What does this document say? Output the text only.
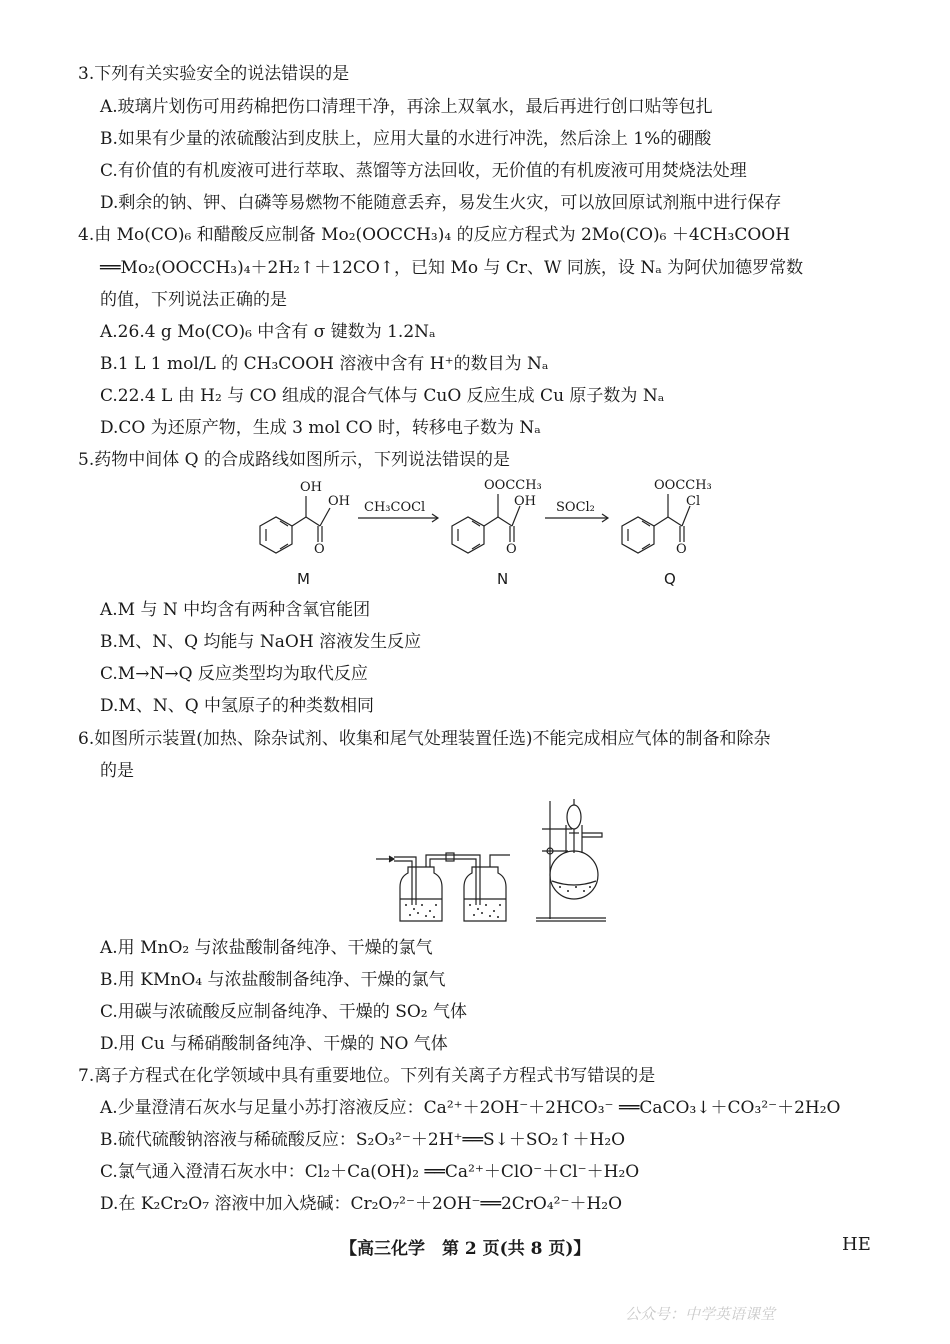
3.下列有关实验安全的说法错误的是
A.玻璃片划伤可用药棉把伤口清理干净，再涂上双氧水，最后再进行创口贴等包扎
B.如果有少量的浓硫酸沾到皮肤上，应用大量的水进行冲洗，然后涂上 1%的硼酸
C.有价值的有机废液可进行萃取、蒸馏等方法回收，无价值的有机废液可用焚烧法处理
D.剩余的钠、钾、白磷等易燃物不能随意丢弃，易发生火灾，可以放回原试剂瓶中进行保存
4.由 Mo(CO)₆ 和醋酸反应制备 Mo₂(OOCCH₃)₄ 的反应方程式为 2Mo(CO)₆ ＋4CH₃COOH
══Mo₂(OOCCH₃)₄＋2H₂↑＋12CO↑，已知 Mo 与 Cr、W 同族，设 Nₐ 为阿伏加德罗常数
的值，下列说法正确的是
A.26.4 g Mo(CO)₆ 中含有 σ 键数为 1.2Nₐ
B.1 L 1 mol/L 的 CH₃COOH 溶液中含有 H⁺的数目为 Nₐ
C.22.4 L 由 H₂ 与 CO 组成的混合气体与 CuO 反应生成 Cu 原子数为 Nₐ
D.CO 为还原产物，生成 3 mol CO 时，转移电子数为 Nₐ
5.药物中间体 Q 的合成路线如图所示，下列说法错误的是
OH
OH
O
CH₃COCl
OOCCH₃
OH
O
SOCl₂
OOCCH₃
Cl
O
M	N	Q
A.M 与 N 中均含有两种含氧官能团
B.M、N、Q 均能与 NaOH 溶液发生反应
C.M→N→Q 反应类型均为取代反应
D.M、N、Q 中氢原子的种类数相同
6.如图所示装置(加热、除杂试剂、收集和尾气处理装置任选)不能完成相应气体的制备和除杂
的是
A.用 MnO₂ 与浓盐酸制备纯净、干燥的氯气
B.用 KMnO₄ 与浓盐酸制备纯净、干燥的氯气
C.用碳与浓硫酸反应制备纯净、干燥的 SO₂ 气体
D.用 Cu 与稀硝酸制备纯净、干燥的 NO 气体
7.离子方程式在化学领域中具有重要地位。下列有关离子方程式书写错误的是
A.少量澄清石灰水与足量小苏打溶液反应：Ca²⁺＋2OH⁻＋2HCO₃⁻ ══CaCO₃↓＋CO₃²⁻＋2H₂O
B.硫代硫酸钠溶液与稀硫酸反应：S₂O₃²⁻＋2H⁺══S↓＋SO₂↑＋H₂O
C.氯气通入澄清石灰水中：Cl₂＋Ca(OH)₂ ══Ca²⁺＋ClO⁻＋Cl⁻＋H₂O
D.在 K₂Cr₂O₇ 溶液中加入烧碱：Cr₂O₇²⁻＋2OH⁻══2CrO₄²⁻＋H₂O
【高三化学　第 2 页(共 8 页)】	HE
公众号：中学英语课堂
